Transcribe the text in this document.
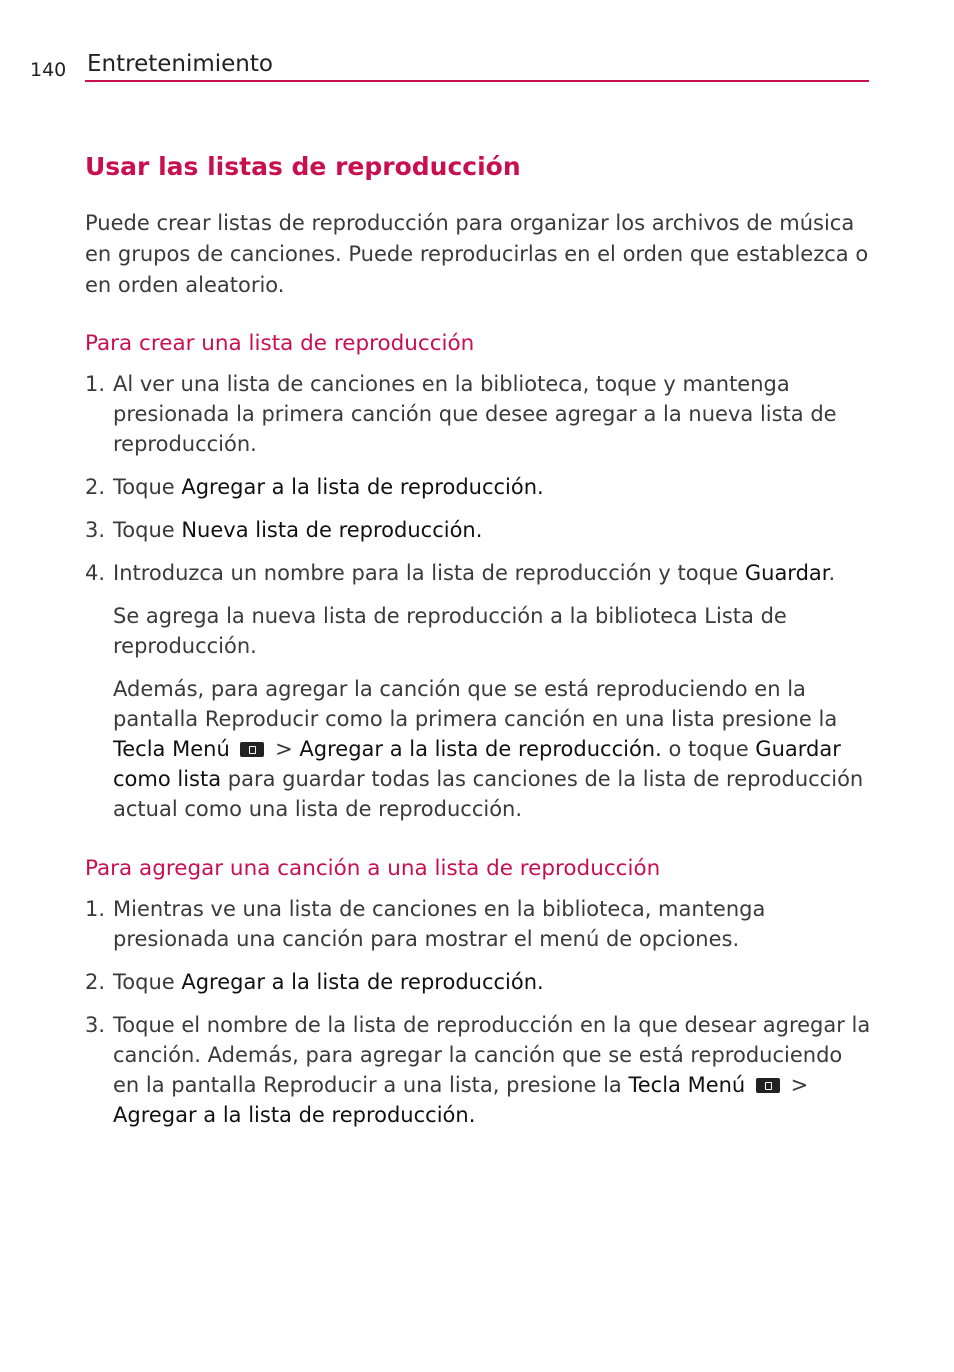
140 Entretenimiento
Usar las listas de reproducción

Puede crear listas de reproducción para organizar los archivos de música en grupos de canciones. Puede reproducirlas en el orden que establezca o en orden aleatorio.

Para crear una lista de reproducción
1. Al ver una lista de canciones en la biblioteca, toque y mantenga presionada la primera canción que desee agregar a la nueva lista de reproducción.
2. Toque Agregar a la lista de reproducción.
3. Toque Nueva lista de reproducción.
4. Introduzca un nombre para la lista de reproducción y toque Guardar.

Se agrega la nueva lista de reproducción a la biblioteca Lista de reproducción.

Además, para agregar la canción que se está reproduciendo en la pantalla Reproducir como la primera canción en una lista presione la Tecla Menú  > Agregar a la lista de reproducción. o toque Guardar como lista para guardar todas las canciones de la lista de reproducción actual como una lista de reproducción.

Para agregar una canción a una lista de reproducción
1. Mientras ve una lista de canciones en la biblioteca, mantenga presionada una canción para mostrar el menú de opciones.
2. Toque Agregar a la lista de reproducción.
3. Toque el nombre de la lista de reproducción en la que desear agregar la canción. Además, para agregar la canción que se está reproduciendo en la pantalla Reproducir a una lista, presione la Tecla Menú  > Agregar a la lista de reproducción.
